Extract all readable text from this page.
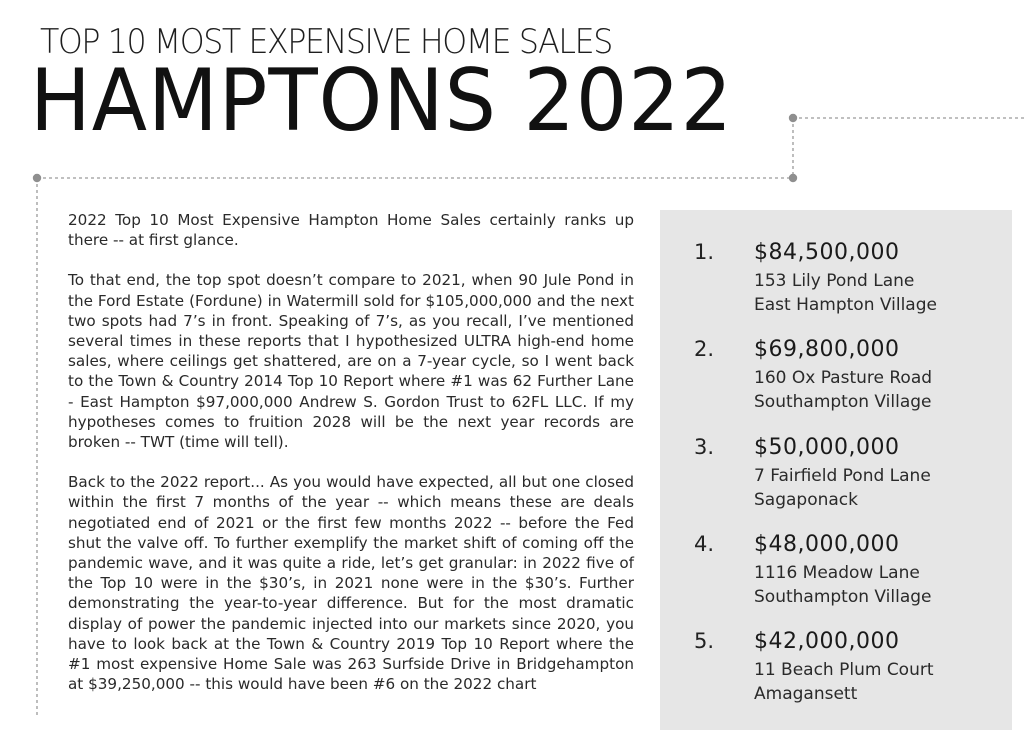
TOP 10 MOST EXPENSIVE HOME SALES
HAMPTONS 2022

2022 Top 10 Most Expensive Hampton Home Sales certainly ranks up there -- at first glance.

To that end, the top spot doesn’t compare to 2021, when 90 Jule Pond in the Ford Estate (Fordune) in Watermill sold for $105,000,000 and the next two spots had 7’s in front. Speaking of 7’s, as you recall, I’ve mentioned several times in these reports that I hypothesized ULTRA high-end home sales, where ceilings get shattered, are on a 7-year cycle, so I went back to the Town & Country 2014 Top 10 Report where #1 was 62 Further Lane - East Hampton $97,000,000 Andrew S. Gordon Trust to 62FL LLC. If my hypotheses comes to fruition 2028 will be the next year records are broken -- TWT (time will tell).

Back to the 2022 report... As you would have expected, all but one closed within the first 7 months of the year -- which means these are deals negotiated end of 2021 or the first few months 2022 -- before the Fed shut the valve off. To further exemplify the market shift of coming off the pandemic wave, and it was quite a ride, let’s get granular: in 2022 five of the Top 10 were in the $30’s, in 2021 none were in the $30’s. Further demonstrating the year-to-year difference. But for the most dramatic display of power the pandemic injected into our markets since 2020, you have to look back at the Town & Country 2019 Top 10 Report where the #1 most expensive Home Sale was 263 Surfside Drive in Bridgehampton at $39,250,000 -- this would have been #6 on the 2022 chart

1. $84,500,000
153 Lily Pond Lane
East Hampton Village
2. $69,800,000
160 Ox Pasture Road
Southampton Village
3. $50,000,000
7 Fairfield Pond Lane
Sagaponack
4. $48,000,000
1116 Meadow Lane
Southampton Village
5. $42,000,000
11 Beach Plum Court
Amagansett
